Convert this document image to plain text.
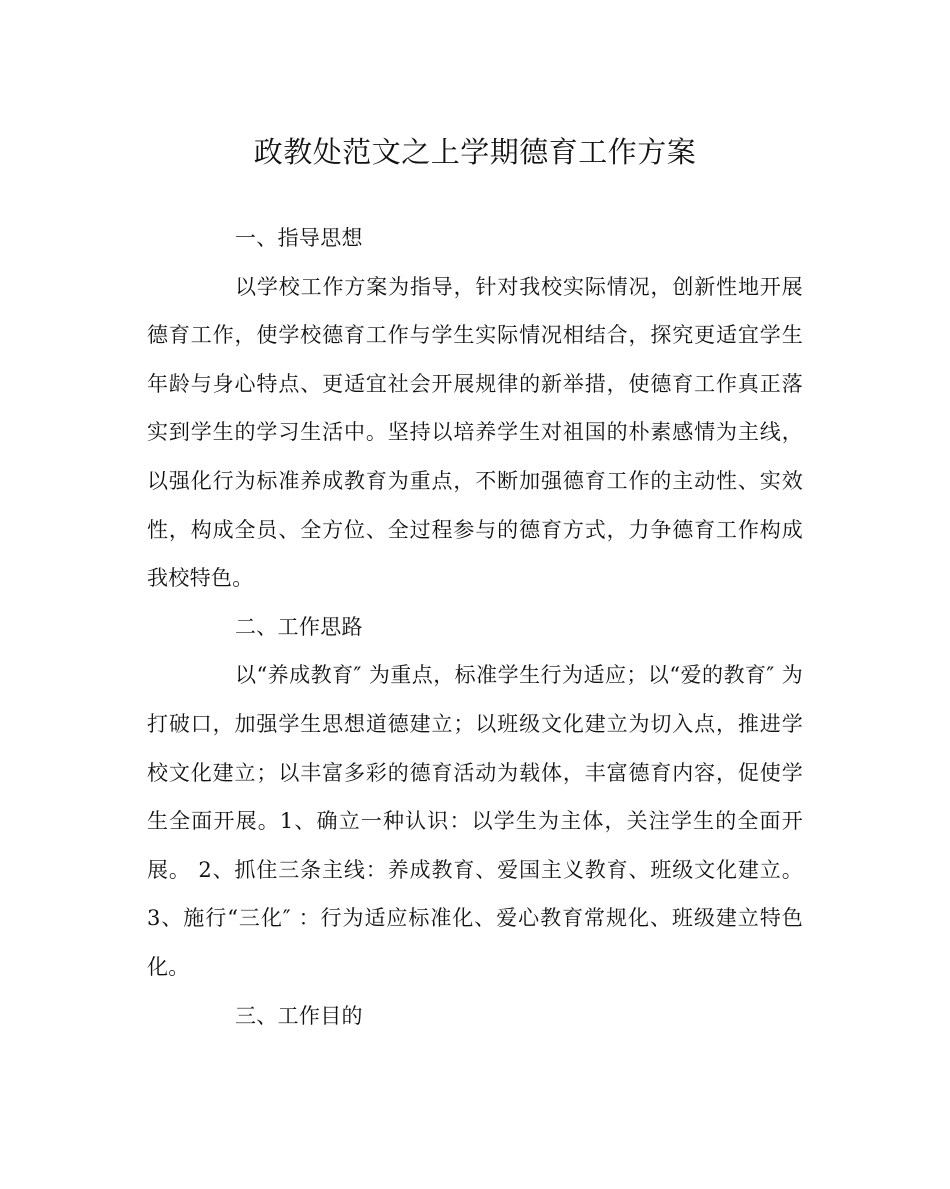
政教处范文之上学期德育工作方案

一、指导思想

以学校工作方案为指导，针对我校实际情况，创新性地开展德育工作，使学校德育工作与学生实际情况相结合，探究更适宜学生年龄与身心特点、更适宜社会开展规律的新举措，使德育工作真正落实到学生的学习生活中。坚持以培养学生对祖国的朴素感情为主线，以强化行为标准养成教育为重点，不断加强德育工作的主动性、实效性，构成全员、全方位、全过程参与的德育方式，力争德育工作构成我校特色。

二、工作思路

以“养成教育″ 为重点，标准学生行为适应；以“爱的教育″ 为打破口，加强学生思想道德建立；以班级文化建立为切入点，推进学校文化建立；以丰富多彩的德育活动为载体，丰富德育内容，促使学生全面开展。1、确立一种认识：以学生为主体，关注学生的全面开展。 2、抓住三条主线：养成教育、爱国主义教育、班级文化建立。 3、施行“三化″ ：行为适应标准化、爱心教育常规化、班级建立特色化。

三、工作目的
